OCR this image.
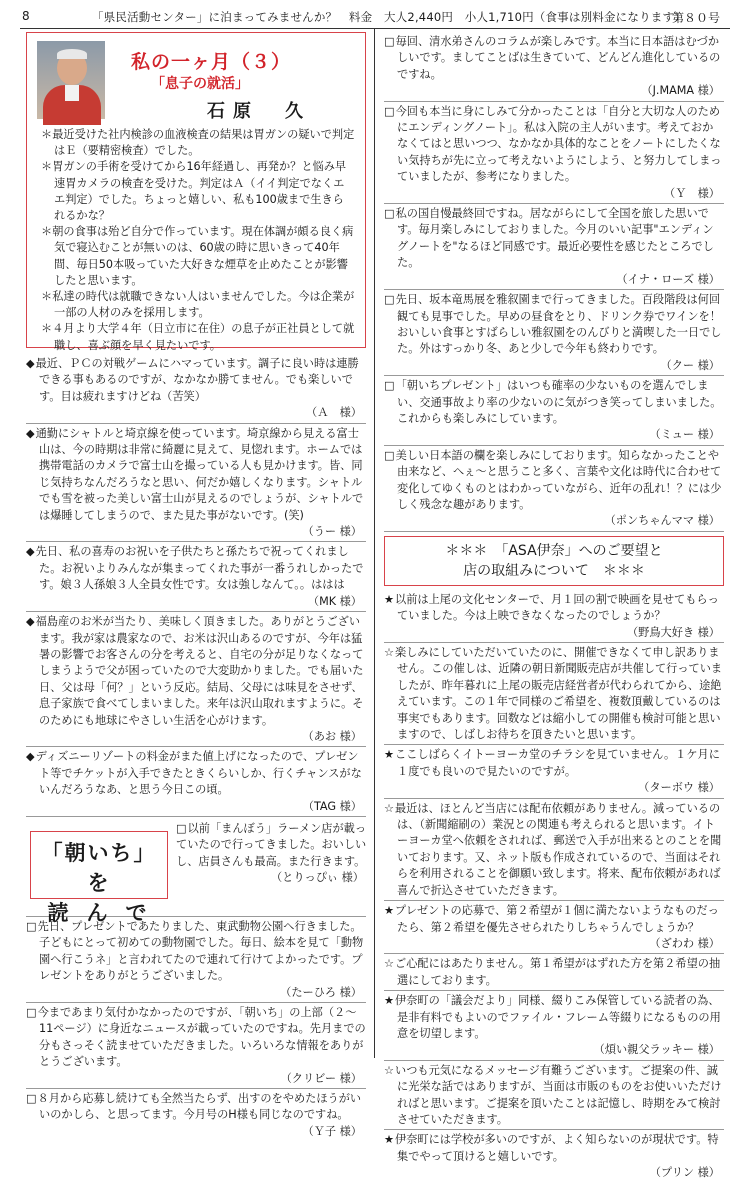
8	「県民活動センター」に泊まってみませんか？　料金　大人2,440円　小人1,710円（食事は別料金になります）
第８０号
私の一ヶ月（３）
「息子の就活」
石原　久
＊最近受けた社内検診の血液検査の結果は胃ガンの疑いで判定はＥ（要精密検査）でした。
＊胃ガンの手術を受けてから16年経過し、再発か？と悩み早速胃カメラの検査を受けた。判定はＡ（イイ判定でなくエエ判定）でした。ちょっと嬉しい、私も100歳まで生きられるかな？
＊朝の食事は殆ど自分で作っています。現在体調が頗る良く病気で寝込むことが無いのは、60歳の時に思いきって40年間、毎日50本吸っていた大好きな煙草を止めたことが影響したと思います。
＊私達の時代は就職できない人はいませんでした。今は企業が一部の人材のみを採用します。
＊４月より大学４年（日立市に在住）の息子が正社員として就職し、喜ぶ顔を早く見たいです。
◆最近、ＰＣの対戦ゲームにハマっています。調子に良い時は連勝できる事もあるのですが、なかなか勝てません。でも楽しいです。目は疲れますけどね（苦笑）
（Ａ　様）
◆通勤にシャトルと埼京線を使っています。埼京線から見える富士山は、今の時期は非常に綺麗に見えて、見惚れます。ホームでは携帯電話のカメラで富士山を撮っている人も見かけます。皆、同じ気持ちなんだろうなと思い、何だか嬉しくなります。シャトルでも雪を被った美しい富士山が見えるのでしょうが、シャトルでは爆睡してしまうので、また見た事がないです。(笑)
（うー 様）
◆先日、私の喜寿のお祝いを子供たちと孫たちで祝ってくれました。お祝いよりみんなが集まってくれた事が一番うれしかったです。娘３人孫娘３人全員女性です。女は強しなんて。。ははは
（MK 様）
◆福島産のお米が当たり、美味しく頂きました。ありがとうございます。我が家は農家なので、お米は沢山あるのですが、今年は猛暑の影響でお客さんの分を考えると、自宅の分が足りなくなってしまうようで父が困っていたので大変助かりました。でも届いた日、父は母「何？」という反応。結局、父母には味見をさせず、息子家族で食べてしまいました。来年は沢山取れますように。そのためにも地球にやさしい生活を心がけます。
（あお 様）
◆ディズニーリゾートの料金がまた値上げになったので、プレゼント等でチケットが入手できたときくらいしか、行くチャンスがないんだろうなあ、と思う今日この頃。
（TAG 様）
「朝いち」を
読んで
□以前「まんぼう」ラーメン店が載っていたので行ってきました。おいしいし、店員さんも最高。また行きます。
（とりっぴぃ 様）
□先日、プレゼントであたりました、東武動物公園へ行きました。子どもにとって初めての動物園でした。毎日、絵本を見て「動物園へ行こうネ」と言われてたので連れて行けてよかったです。プレゼントをありがとうございました。
（たーひろ 様）
□今まであまり気付かなかったのですが、「朝いち」の上部（２～11ページ）に身近なニュースが載っていたのですね。先月までの分もさっそく読ませていただきました。いろいろな情報をありがとうございます。
（クリビー 様）
□８月から応募し続けても全然当たらず、出すのをやめたほうがいいのかしら、と思ってます。今月号のH様も同じなのですね。
（Ｙ子 様）
□毎回、清水弟さんのコラムが楽しみです。本当に日本語はむづかしいです。ましてことばは生きていて、どんどん進化しているのですね。
（J.MAMA 様）
□今回も本当に身にしみて分かったことは「自分と大切な人のためにエンディングノート」。私は入院の主人がいます。考えておかなくてはと思いつつ、なかなか具体的なことをノートにしたくない気持ちが先に立って考えないようにしよう、と努力してしまっていましたが、参考になりました。
（Ｙ　様）
□私の国自慢最終回ですね。居ながらにして全国を旅した思いです。毎月楽しみにしておりました。今月のいい記事"エンディングノートを"なるほど同感です。最近必要性を感じたところでした。
（イナ・ローズ 様）
□先日、坂本竜馬展を雅叙園まで行ってきました。百段階段は何回観ても見事でした。早めの昼食をとり、ドリンク券でワインを！おいしい食事とすばらしい雅叙園をのんびりと満喫した一日でした。外はすっかり冬、あと少しで今年も終わりです。
（クー 様）
□「朝いちプレゼント」はいつも確率の少ないものを選んでしまい、交通事故より率の少ないのに気がつき笑ってしまいました。これからも楽しみにしています。
（ミュー 様）
□美しい日本語の欄を楽しみにしております。知らなかったことや由来など、へぇ～と思うこと多く、言葉や文化は時代に合わせて変化してゆくものとはわかっていながら、近年の乱れ！？には少しく残念な趣があります。
（ポンちゃんママ 様）
＊＊＊　「ASA伊奈」へのご要望と
店の取組みについて　＊＊＊
★以前は上尾の文化センターで、月１回の割で映画を見せてもらっていました。今は上映できなくなったのでしょうか？
（野鳥大好き 様）
☆楽しみにしていただいていたのに、開催できなくて申し訳ありません。この催しは、近隣の朝日新聞販売店が共催して行っていましたが、昨年暮れに上尾の販売店経営者が代わられてから、途絶えています。この１年で同様のご希望を、複数頂戴しているのは事実でもあります。回数などは縮小しての開催も検討可能と思いますので、しばしお待ちを頂きたいと思います。
★ここしばらくイトーヨーカ堂のチラシを見ていません。１ケ月に１度でも良いので見たいのですが。
（ターボウ 様）
☆最近は、ほとんど当店には配布依頼がありません。減っているのは、（新聞縮刷の）業況との関連も考えられると思います。イトーヨーカ堂へ依頼をされれば、郵送で入手が出来るとのことを聞いております。又、ネット版も作成されているので、当面はそれらを利用されることを御願い致します。将来、配布依頼があれば喜んで折込させていただきます。
★プレゼントの応募で、第２希望が１個に満たないようなものだったら、第２希望を優先させられたりしちゃうんでしょうか？
（ざわわ 様）
☆ご心配にはあたりません。第１希望がはずれた方を第２希望の抽選にしております。
★伊奈町の「議会だより」同様、綴りこみ保管している読者の為、是非有料でもよいのでファイル・フレーム等綴りになるものの用意を切望します。
（煩い親父ラッキー 様）
☆いつも元気になるメッセージ有難うございます。ご提案の件、誠に光栄な話ではありますが、当面は市販のものをお使いいただければと思います。ご提案を頂いたことは記憶し、時期をみて検討させていただきます。
★伊奈町には学校が多いのですが、よく知らないのが現状です。特集でやって頂けると嬉しいです。
（プリン 様）
